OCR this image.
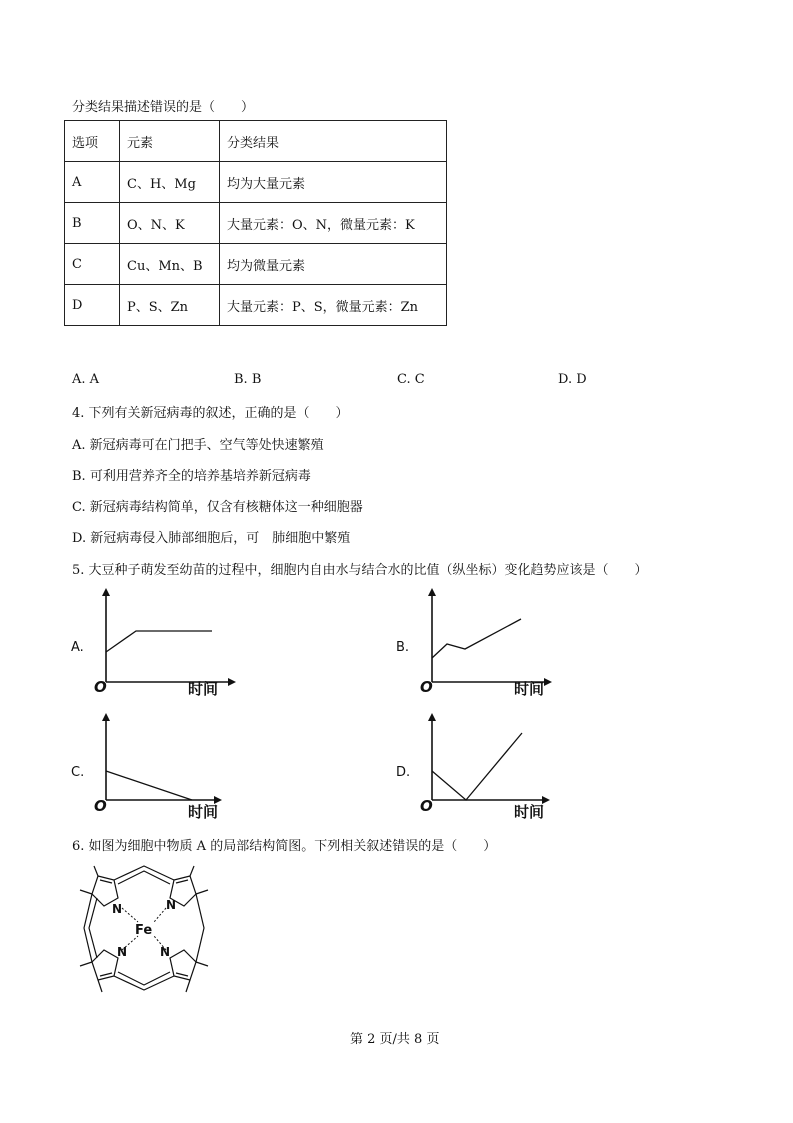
分类结果描述错误的是（　　）
选项	元素	分类结果
A	C、H、Mg	均为大量元素
B	O、N、K	大量元素：O、N，微量元素：K
C	Cu、Mn、B	均为微量元素
D	P、S、Zn	大量元素：P、S，微量元素：Zn
A. A	B. B	C. C	D. D
4. 下列有关新冠病毒的叙述，正确的是（　　）
A. 新冠病毒可在门把手、空气等处快速繁殖
B. 可利用营养齐全的培养基培养新冠病毒
C. 新冠病毒结构简单，仅含有核糖体这一种细胞器
D. 新冠病毒侵入肺部细胞后，可　肺细胞中繁殖
5. 大豆种子萌发至幼苗的过程中，细胞内自由水与结合水的比值（纵坐标）变化趋势应该是（　　）
A.
O	时间
B.
O	时间
C.
O	时间
D.
O	时间
6. 如图为细胞中物质 A 的局部结构简图。下列相关叙述错误的是（　　）
N	N
N	N
Fe
第 2 页/共 8 页
